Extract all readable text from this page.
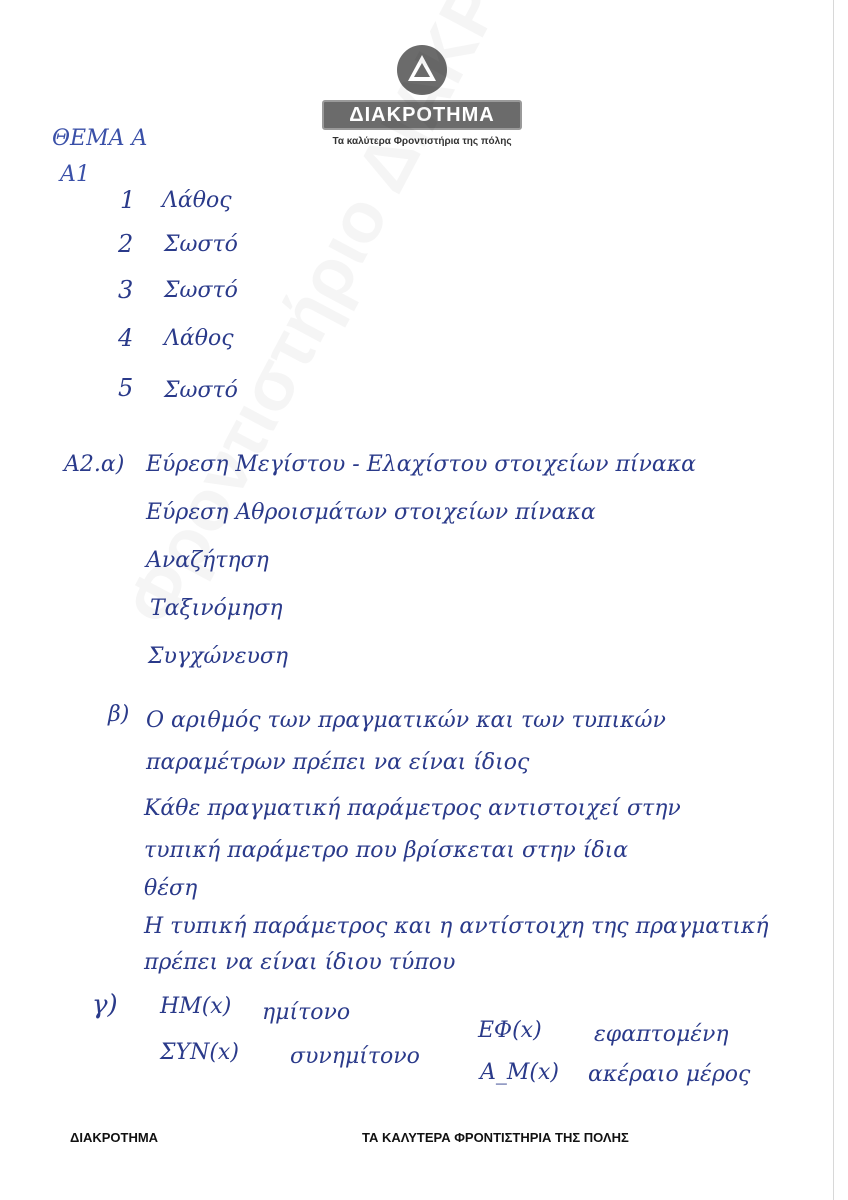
ΔΙΑΚΡΟΤΗΜΑ
Τα καλύτερα Φροντιστήρια της πόλης
ΘΕΜΑ Α
Α1
1 Λάθος
2 Σωστό
3 Σωστό
4 Λάθος
5 Σωστό
Α2.α) Εύρεση Μεγίστου - Ελαχίστου στοιχείων πίνακα
Εύρεση Αθροισμάτων στοιχείων πίνακα
Αναζήτηση
Ταξινόμηση
Συγχώνευση
β) Ο αριθμός των πραγματικών και των τυπικών
παραμέτρων πρέπει να είναι ίδιος
Κάθε πραγματική παράμετρος αντιστοιχεί στην
τυπική παράμετρο που βρίσκεται στην ίδια
θέση
Η τυπική παράμετρος και η αντίστοιχη της πραγματική
πρέπει να είναι ίδιου τύπου
γ) ΗΜ(x) ημίτονο
ΣΥΝ(x) συνημίτονο
ΕΦ(x) εφαπτομένη
Α_Μ(x) ακέραιο μέρος
ΔΙΑΚΡΟΤΗΜΑ	ΤΑ ΚΑΛΥΤΕΡΑ ΦΡΟΝΤΙΣΤΗΡΙΑ ΤΗΣ ΠΟΛΗΣ
